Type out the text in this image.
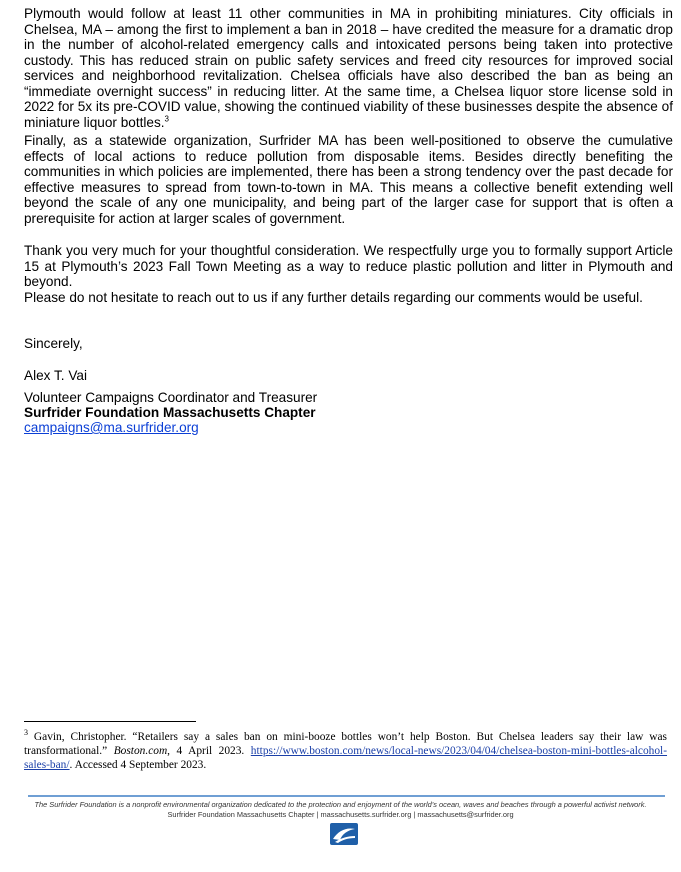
Plymouth would follow at least 11 other communities in MA in prohibiting miniatures. City officials in Chelsea, MA – among the first to implement a ban in 2018 – have credited the measure for a dramatic drop in the number of alcohol-related emergency calls and intoxicated persons being taken into protective custody. This has reduced strain on public safety services and freed city resources for improved social services and neighborhood revitalization. Chelsea officials have also described the ban as being an “immediate overnight success” in reducing litter. At the same time, a Chelsea liquor store license sold in 2022 for 5x its pre-COVID value, showing the continued viability of these businesses despite the absence of miniature liquor bottles.$^3$

Finally, as a statewide organization, Surfrider MA has been well-positioned to observe the cumulative effects of local actions to reduce pollution from disposable items. Besides directly benefiting the communities in which policies are implemented, there has been a strong tendency over the past decade for effective measures to spread from town-to-town in MA. This means a collective benefit extending well beyond the scale of any one municipality, and being part of the larger case for support that is often a prerequisite for action at larger scales of government.

Thank you very much for your thoughtful consideration. We respectfully urge you to formally support Article 15 at Plymouth’s 2023 Fall Town Meeting as a way to reduce plastic pollution and litter in Plymouth and beyond.

Please do not hesitate to reach out to us if any further details regarding our comments would be useful.

Sincerely,

Alex T. Vai

Volunteer Campaigns Coordinator and Treasurer

Surfrider Foundation Massachusetts Chapter

campaigns@ma.surfrider.org

$^3$ Gavin, Christopher. “Retailers say a sales ban on mini-booze bottles won’t help Boston. But Chelsea leaders say their law was transformational.” Boston.com, 4 April 2023. https://www.boston.com/news/local-news/2023/04/04/chelsea-boston-mini-bottles-alcohol-sales-ban/. Accessed 4 September 2023.

The Surfrider Foundation is a nonprofit environmental organization dedicated to the protection and enjoyment of the world’s ocean, waves and beaches through a powerful activist network.
Surfrider Foundation Massachusetts Chapter | massachusetts.surfrider.org | massachusetts@surfrider.org
